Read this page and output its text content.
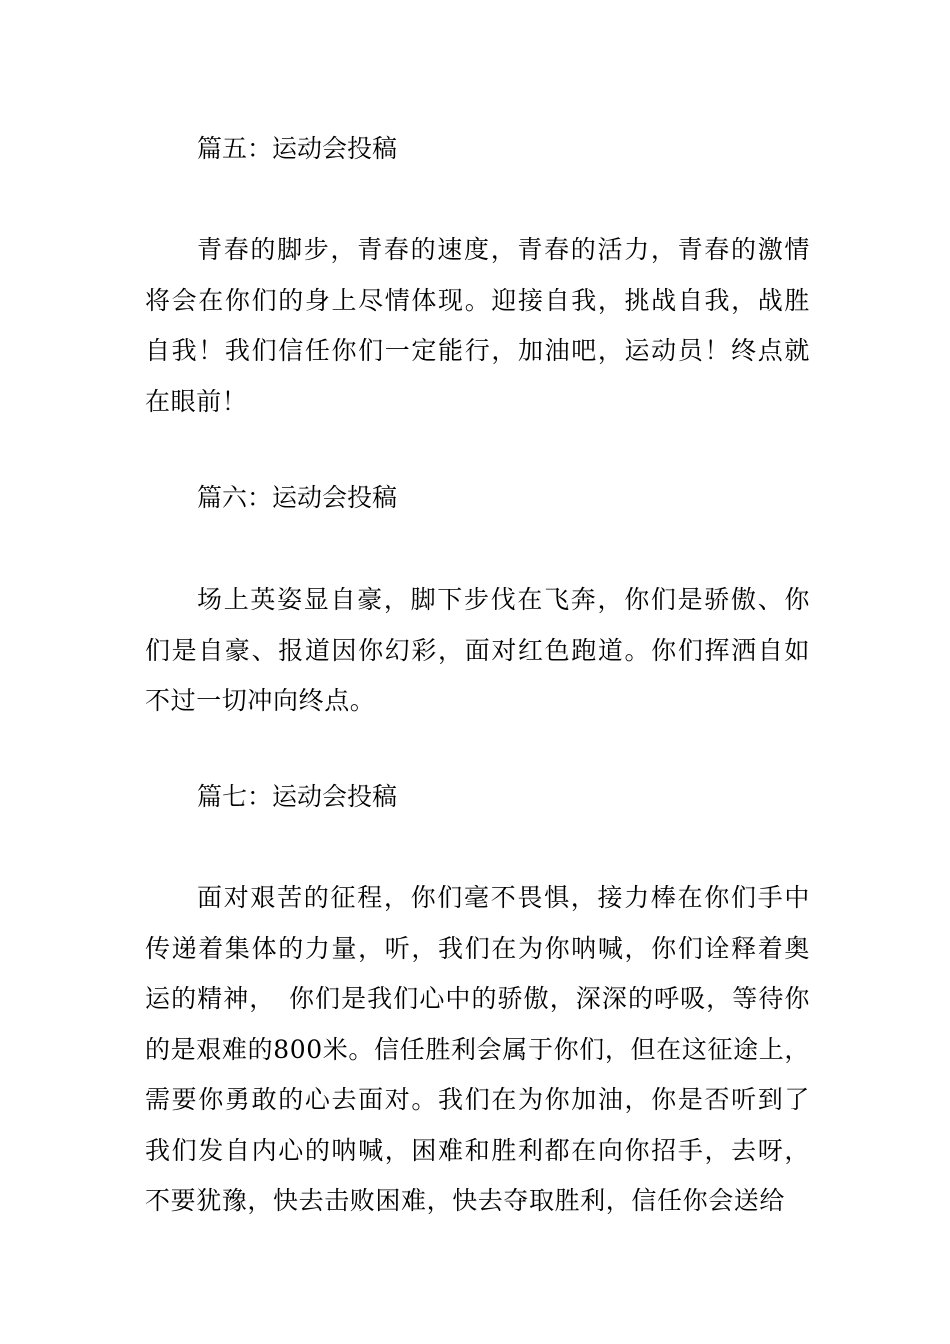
篇五：运动会投稿

青春的脚步，青春的速度，青春的活力，青春的激情将会在你们的身上尽情体现。迎接自我，挑战自我，战胜自我！我们信任你们一定能行，加油吧，运动员！终点就在眼前！

篇六：运动会投稿

场上英姿显自豪，脚下步伐在飞奔，你们是骄傲、你们是自豪、报道因你幻彩，面对红色跑道。你们挥洒自如不过一切冲向终点。

篇七：运动会投稿

面对艰苦的征程，你们毫不畏惧，接力棒在你们手中传递着集体的力量，听，我们在为你呐喊，你们诠释着奥运的精神，　你们是我们心中的骄傲，深深的呼吸，等待你的是艰难的800米。信任胜利会属于你们，但在这征途上，需要你勇敢的心去面对。我们在为你加油，你是否听到了我们发自内心的呐喊，困难和胜利都在向你招手，去呀，不要犹豫，快去击败困难，快去夺取胜利，信任你会送给
